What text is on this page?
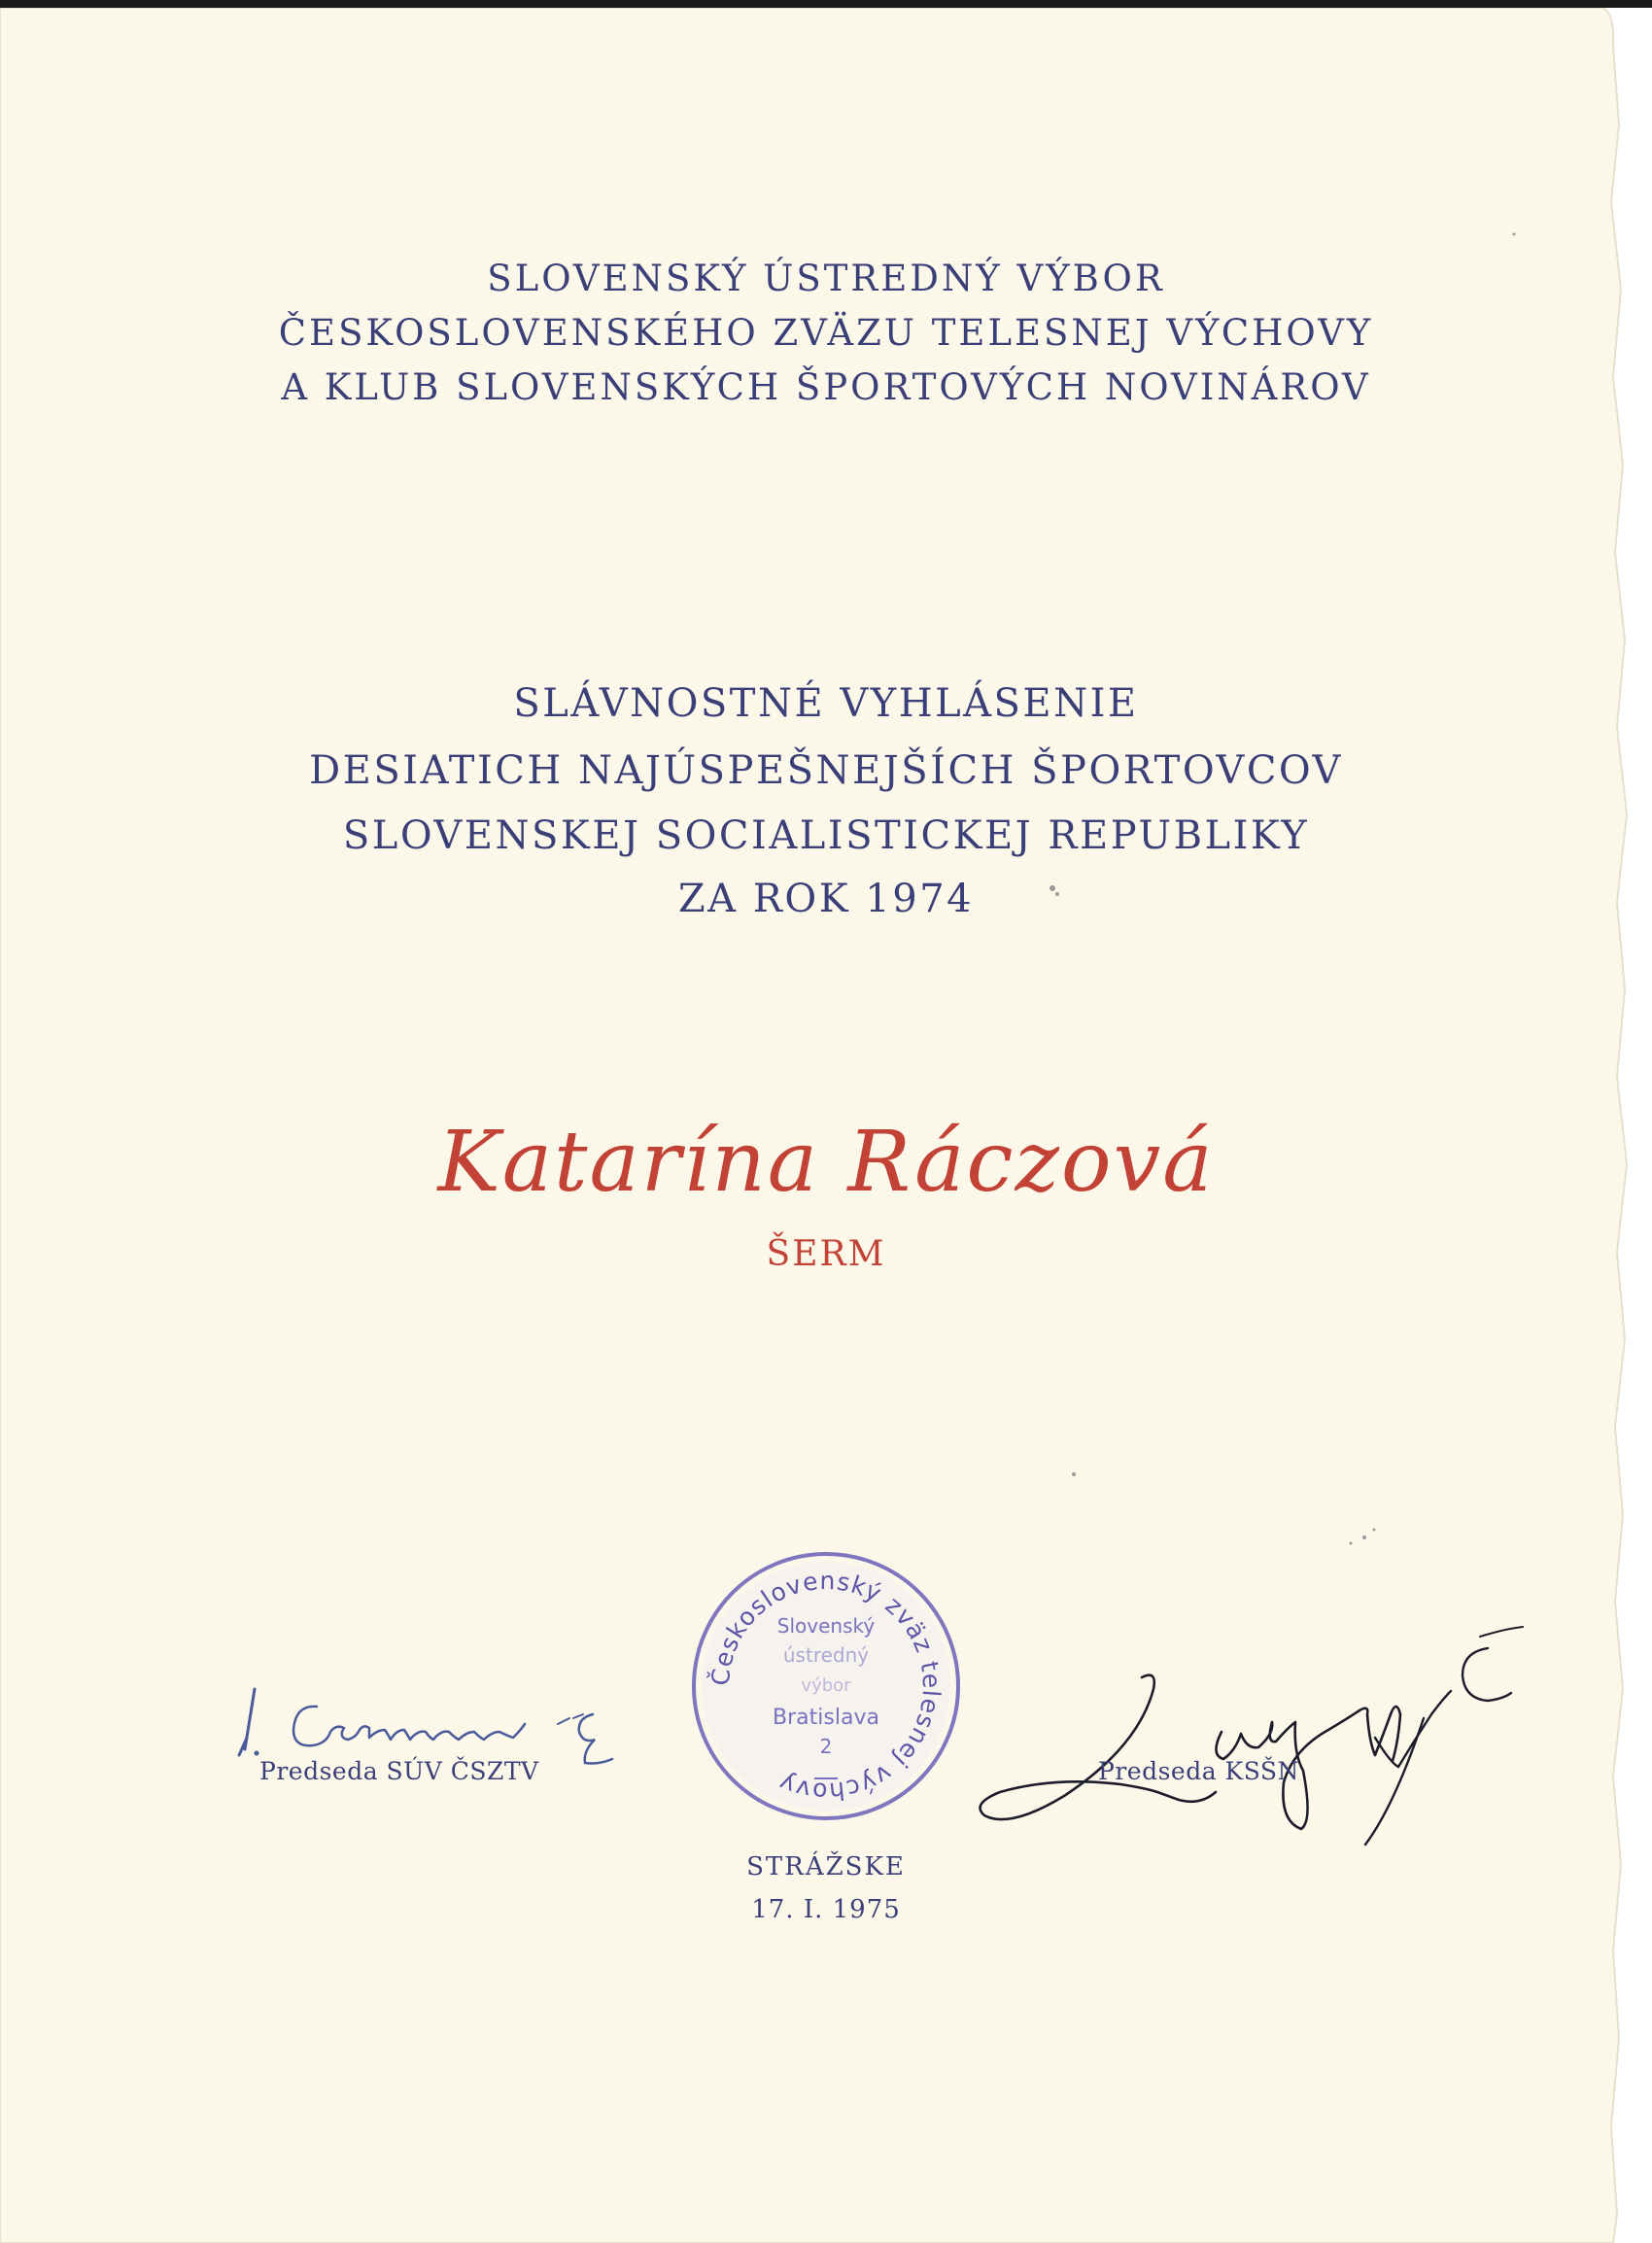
SLOVENSKÝ ÚSTREDNÝ VÝBOR
ČESKOSLOVENSKÉHO ZVÄZU TELESNEJ VÝCHOVY
A KLUB SLOVENSKÝCH ŠPORTOVÝCH NOVINÁROV
SLÁVNOSTNÉ VYHLÁSENIE
DESIATICH NAJÚSPEŠNEJŠÍCH ŠPORTOVCOV
SLOVENSKEJ SOCIALISTICKEJ REPUBLIKY
ZA ROK 1974
Katarína Ráczová
ŠERM
Predseda SÚV ČSZTV
Československý zväz telesnej výchovy
Slovenský
ústredný
výbor
Bratislava
2
Predseda KSŠN
STRÁŽSKE
17. I. 1975
